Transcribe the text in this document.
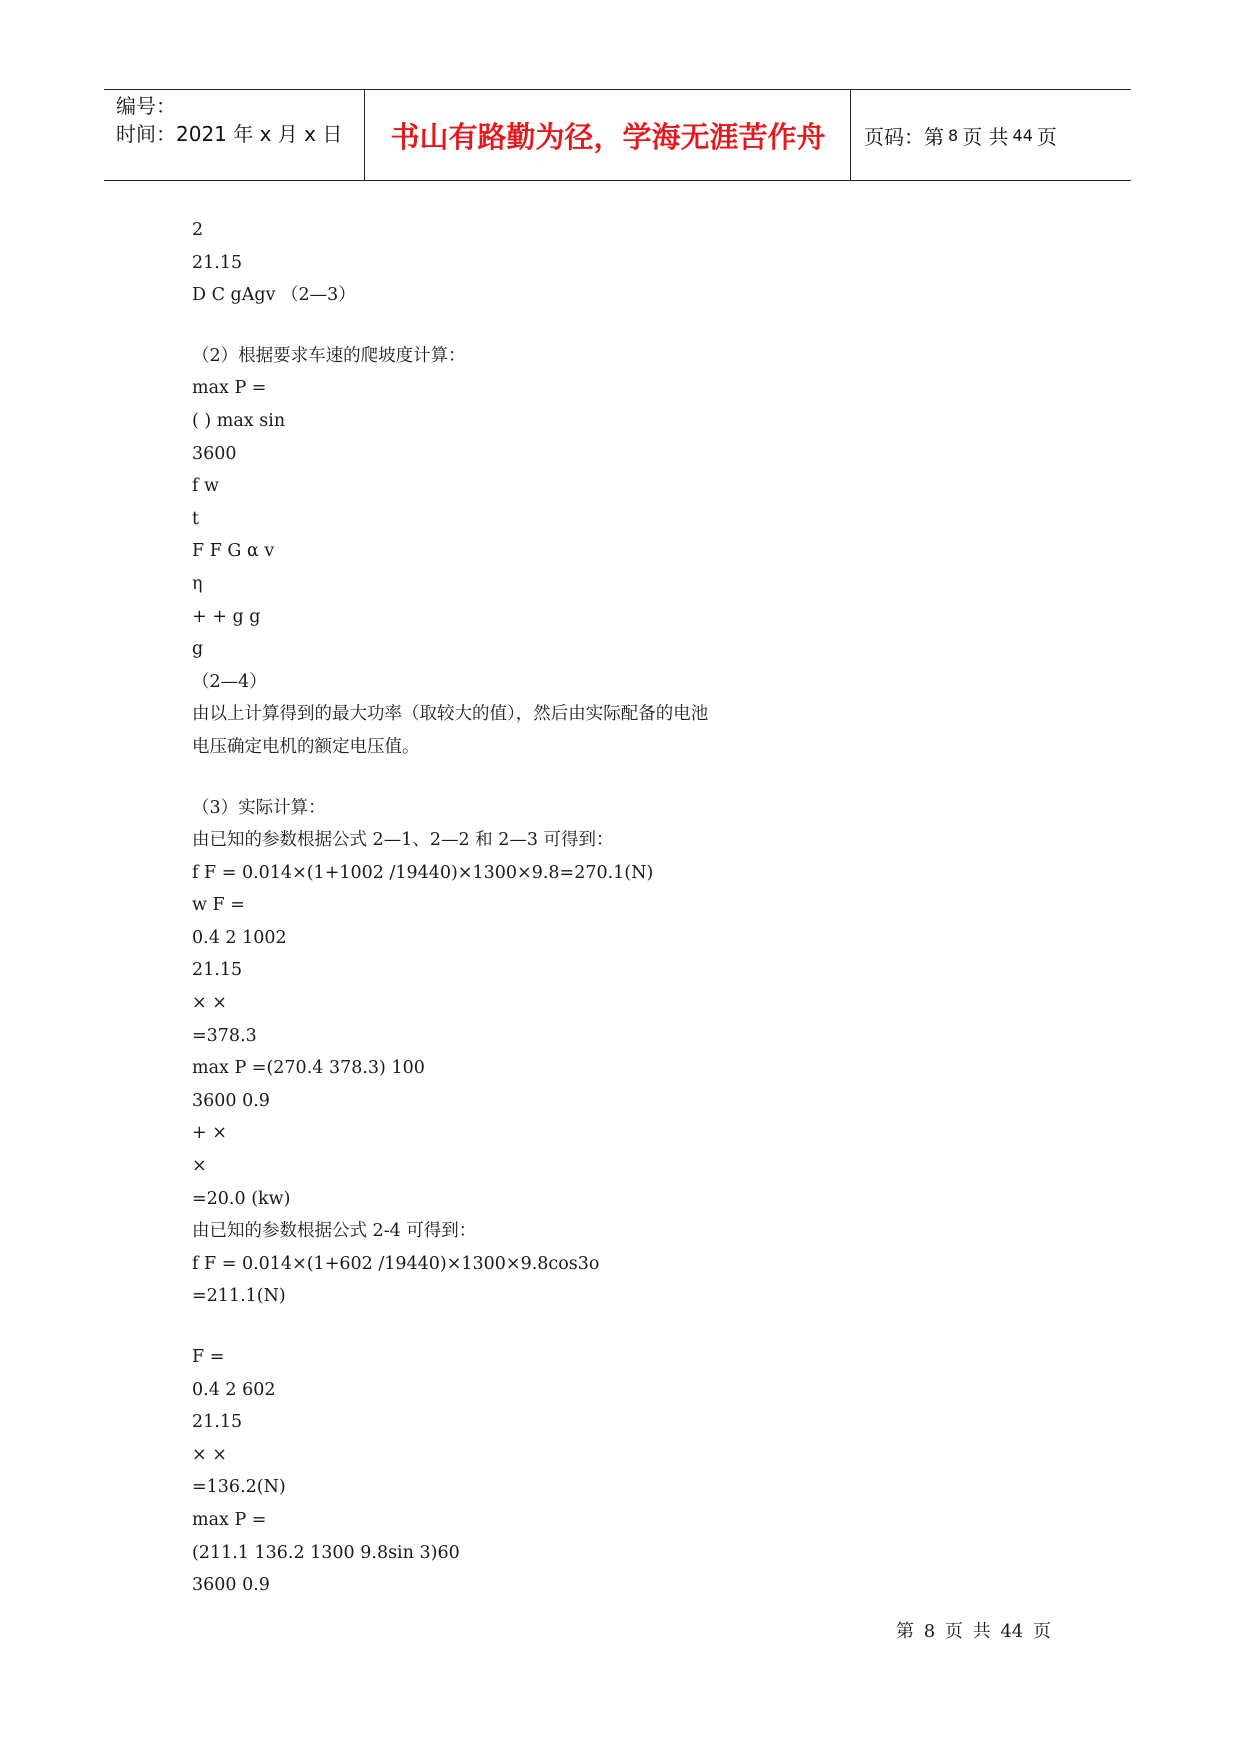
编号：
时间：2021 年 x 月 x 日	书山有路勤为径，学海无涯苦作舟	页码：第 8 页 共 44 页
2
21.15
D C gAgv （2—3）
（2）根据要求车速的爬坡度计算：
max P =
( ) max sin
3600
f w
t
F F G α v
η
+ + g g
g
（2—4）
由以上计算得到的最大功率（取较大的值），然后由实际配备的电池
电压确定电机的额定电压值。
（3）实际计算：
由已知的参数根据公式 2—1、2—2 和 2—3 可得到：
f F = 0.014×(1+1002 /19440)×1300×9.8=270.1(N)
w F =
0.4 2 1002
21.15
× ×
=378.3
max P =(270.4 378.3) 100
3600 0.9
+ ×
×
=20.0 (kw)
由已知的参数根据公式 2-4 可得到：
f F = 0.014×(1+602 /19440)×1300×9.8cos3o
=211.1(N)
F =
0.4 2 602
21.15
× ×
=136.2(N)
max P =
(211.1 136.2 1300 9.8sin 3)60
3600 0.9
第 8 页 共 44 页
